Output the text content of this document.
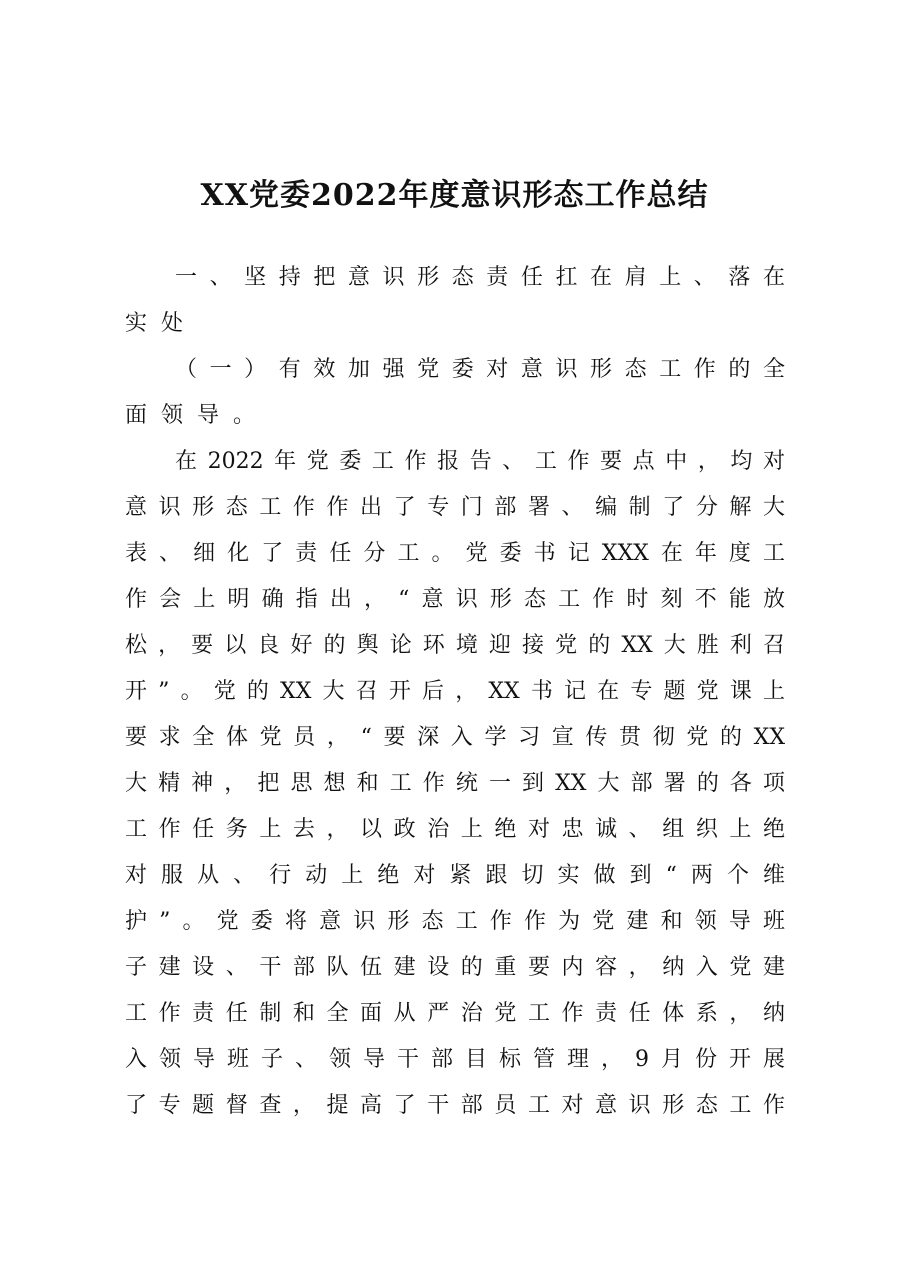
XX党委2022年度意识形态工作总结
一、坚持把意识形态责任扛在肩上、落在
实处
（一）有效加强党委对意识形态工作的全
面领导。
在2022年党委工作报告、工作要点中，均对
意识形态工作作出了专门部署、编制了分解大
表、细化了责任分工。党委书记XXX在年度工
作会上明确指出，“意识形态工作时刻不能放
松，要以良好的舆论环境迎接党的XX大胜利召
开”。党的XX大召开后，XX书记在专题党课上
要求全体党员，“要深入学习宣传贯彻党的XX
大精神，把思想和工作统一到XX大部署的各项
工作任务上去，以政治上绝对忠诚、组织上绝
对服从、行动上绝对紧跟切实做到“两个维
护”。党委将意识形态工作作为党建和领导班
子建设、干部队伍建设的重要内容，纳入党建
工作责任制和全面从严治党工作责任体系，纳
入领导班子、领导干部目标管理，9月份开展
了专题督查，提高了干部员工对意识形态工作
